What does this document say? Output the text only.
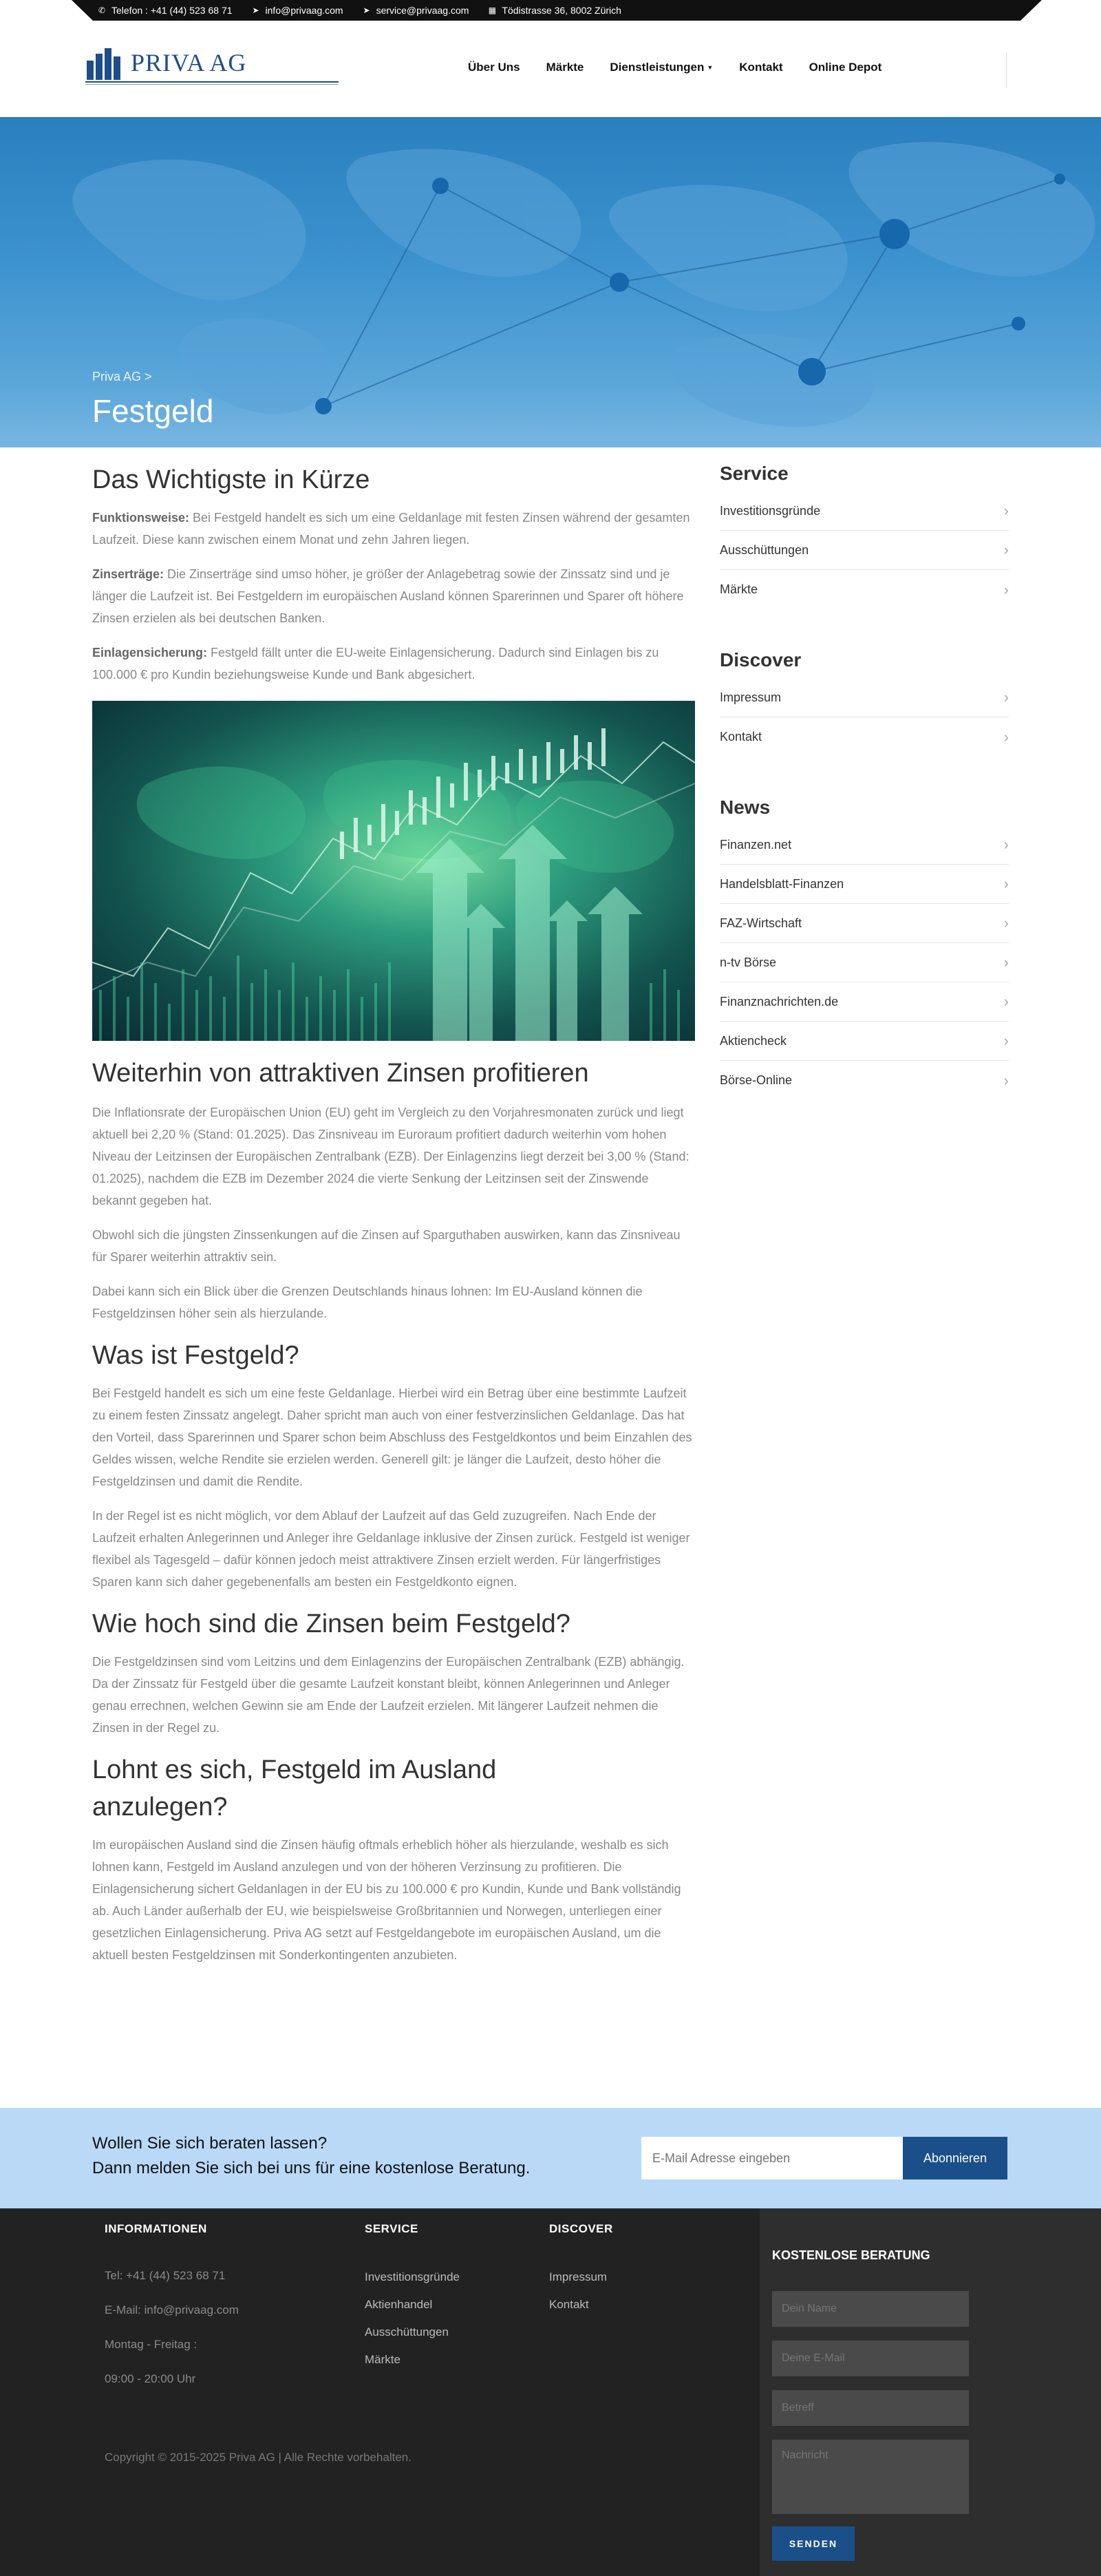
✆ Telefon : +41 (44) 523 68 71 ➤ info@privaag.com ➤ service@privaag.com ▦ Tödistrasse 36, 8002 Zürich
PRIVA AG	Über Uns Märkte Dienstleistungen ▼ Kontakt Online Depot
Priva AG >
Festgeld
Das Wichtigste in Kürze

Funktionsweise: Bei Festgeld handelt es sich um eine Geldanlage mit festen Zinsen während der gesamten Laufzeit. Diese kann zwischen einem Monat und zehn Jahren liegen.

Zinserträge: Die Zinserträge sind umso höher, je größer der Anlagebetrag sowie der Zinssatz sind und je länger die Laufzeit ist. Bei Festgeldern im europäischen Ausland können Sparerinnen und Sparer oft höhere Zinsen erzielen als bei deutschen Banken.

Einlagensicherung: Festgeld fällt unter die EU-weite Einlagensicherung. Dadurch sind Einlagen bis zu 100.000 € pro Kundin beziehungsweise Kunde und Bank abgesichert.

Weiterhin von attraktiven Zinsen profitieren

Die Inflationsrate der Europäischen Union (EU) geht im Vergleich zu den Vorjahresmonaten zurück und liegt aktuell bei 2,20 % (Stand: 01.2025). Das Zinsniveau im Euroraum profitiert dadurch weiterhin vom hohen Niveau der Leitzinsen der Europäischen Zentralbank (EZB). Der Einlagenzins liegt derzeit bei 3,00 % (Stand: 01.2025), nachdem die EZB im Dezember 2024 die vierte Senkung der Leitzinsen seit der Zinswende bekannt gegeben hat.

Obwohl sich die jüngsten Zinssenkungen auf die Zinsen auf Sparguthaben auswirken, kann das Zinsniveau für Sparer weiterhin attraktiv sein.

Dabei kann sich ein Blick über die Grenzen Deutschlands hinaus lohnen: Im EU-Ausland können die Festgeldzinsen höher sein als hierzulande.

Was ist Festgeld?

Bei Festgeld handelt es sich um eine feste Geldanlage. Hierbei wird ein Betrag über eine bestimmte Laufzeit zu einem festen Zinssatz angelegt. Daher spricht man auch von einer festverzinslichen Geldanlage. Das hat den Vorteil, dass Sparerinnen und Sparer schon beim Abschluss des Festgeldkontos und beim Einzahlen des Geldes wissen, welche Rendite sie erzielen werden. Generell gilt: je länger die Laufzeit, desto höher die Festgeldzinsen und damit die Rendite.

In der Regel ist es nicht möglich, vor dem Ablauf der Laufzeit auf das Geld zuzugreifen. Nach Ende der Laufzeit erhalten Anlegerinnen und Anleger ihre Geldanlage inklusive der Zinsen zurück. Festgeld ist weniger flexibel als Tagesgeld – dafür können jedoch meist attraktivere Zinsen erzielt werden. Für längerfristiges Sparen kann sich daher gegebenenfalls am besten ein Festgeldkonto eignen.

Wie hoch sind die Zinsen beim Festgeld?

Die Festgeldzinsen sind vom Leitzins und dem Einlagenzins der Europäischen Zentralbank (EZB) abhängig. Da der Zinssatz für Festgeld über die gesamte Laufzeit konstant bleibt, können Anlegerinnen und Anleger genau errechnen, welchen Gewinn sie am Ende der Laufzeit erzielen. Mit längerer Laufzeit nehmen die Zinsen in der Regel zu.

Lohnt es sich, Festgeld im Ausland anzulegen?

Im europäischen Ausland sind die Zinsen häufig oftmals erheblich höher als hierzulande, weshalb es sich lohnen kann, Festgeld im Ausland anzulegen und von der höheren Verzinsung zu profitieren. Die Einlagensicherung sichert Geldanlagen in der EU bis zu 100.000 € pro Kundin, Kunde und Bank vollständig ab. Auch Länder außerhalb der EU, wie beispielsweise Großbritannien und Norwegen, unterliegen einer gesetzlichen Einlagensicherung. Priva AG setzt auf Festgeldangebote im europäischen Ausland, um die aktuell besten Festgeldzinsen mit Sonderkontingenten anzubieten.

Service
Investitionsgründe	›
Ausschüttungen	›
Märkte	›
Discover
Impressum	›
Kontakt	›
News
Finanzen.net	›
Handelsblatt-Finanzen	›
FAZ-Wirtschaft	›
n-tv Börse	›
Finanznachrichten.de	›
Aktiencheck	›
Börse-Online	›
Wollen Sie sich beraten lassen?
Dann melden Sie sich bei uns für eine kostenlose Beratung.
E-Mail Adresse eingeben
Abonnieren
INFORMATIONEN
Tel: +41 (44) 523 68 71
E-Mail: info@privaag.com
Montag - Freitag :
09:00 - 20:00 Uhr
SERVICE
Investitionsgründe
Aktienhandel
Ausschüttungen
Märkte
DISCOVER
Impressum
Kontakt
Copyright © 2015-2025 Priva AG | Alle Rechte vorbehalten.
KOSTENLOSE BERATUNG
Dein Name
Deine E-Mail
Betreff
Nachricht
SENDEN
